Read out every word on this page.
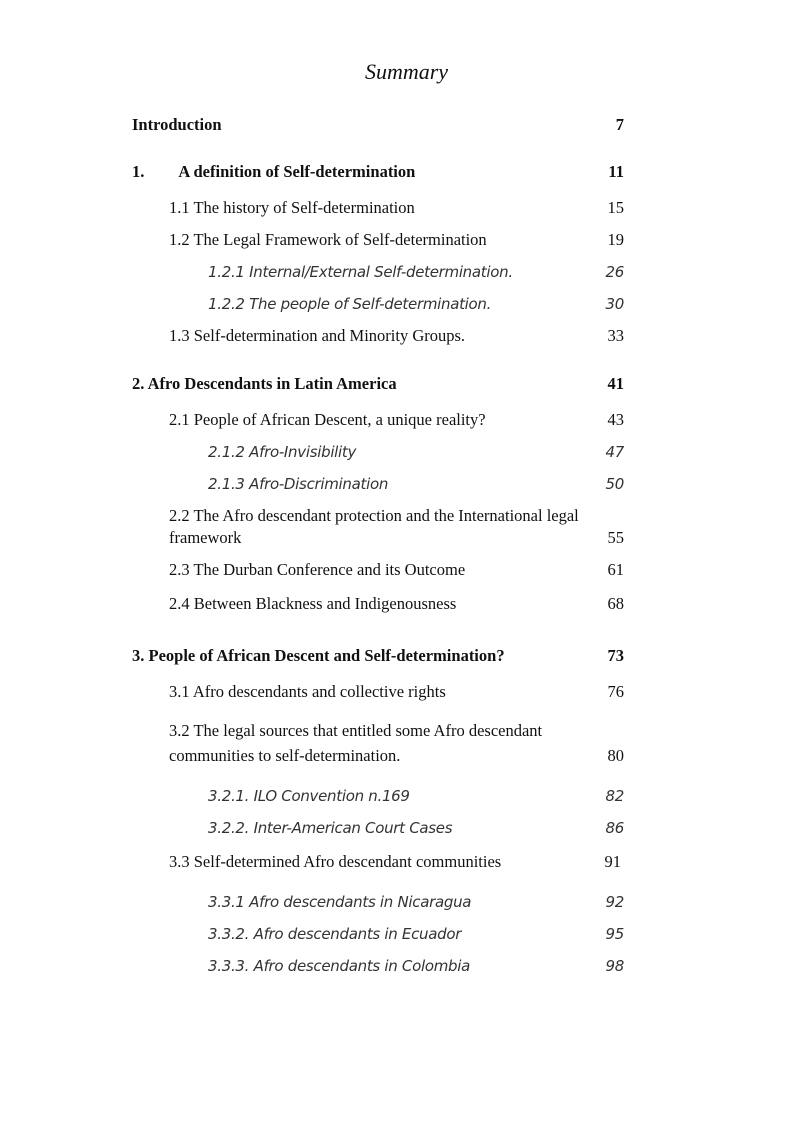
Summary
Introduction	7
1. A definition of Self-determination	11
1.1 The history of Self-determination	15
1.2 The Legal Framework of Self-determination	19
1.2.1 Internal/External Self-determination.	26
1.2.2 The people of Self-determination.	30
1.3 Self-determination and Minority Groups.	33
2. Afro Descendants in Latin America	41
2.1 People of African Descent, a unique reality?	43
2.1.2 Afro-Invisibility	47
2.1.3 Afro-Discrimination	50
2.2 The Afro descendant protection and the International legal
framework	55
2.3 The Durban Conference and its Outcome	61
2.4 Between Blackness and Indigenousness	68
3. People of African Descent and Self-determination?	73
3.1 Afro descendants and collective rights	76
3.2 The legal sources that entitled some Afro descendant
communities to self-determination.	80
3.2.1. ILO Convention n.169	82
3.2.2. Inter-American Court Cases	86
3.3 Self-determined Afro descendant communities	91
3.3.1 Afro descendants in Nicaragua	92
3.3.2. Afro descendants in Ecuador	95
3.3.3. Afro descendants in Colombia	98
